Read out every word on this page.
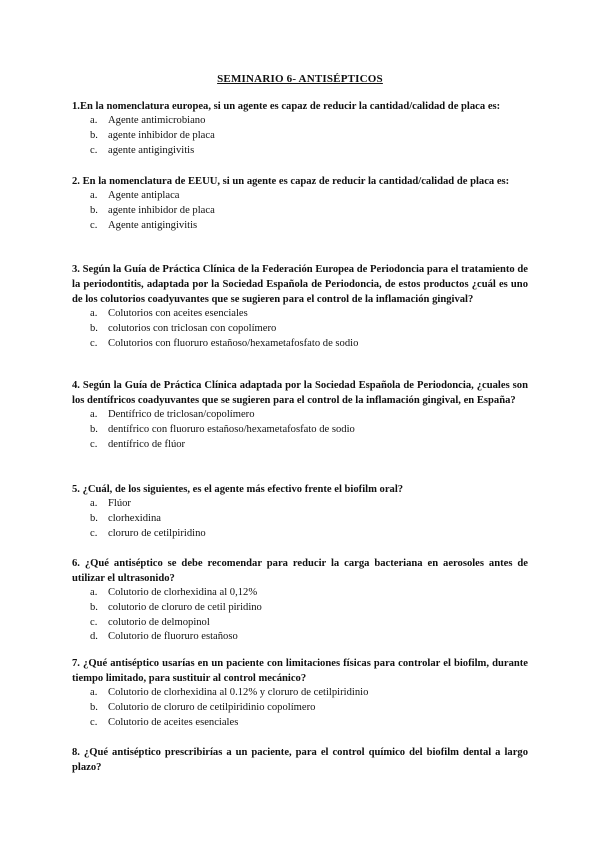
SEMINARIO 6- ANTISÉPTICOS

1.En la nomenclatura europea, si un agente es capaz de reducir la cantidad/calidad de placa es:

a.	Agente antimicrobiano
b. agente inhibidor de placa
c.	agente antigingivitis

2. En la nomenclatura de EEUU, si un agente es capaz de reducir la cantidad/calidad de placa es:

a.	Agente antiplaca
b. agente inhibidor de placa
c.	Agente antigingivitis

3. Según la Guía de Práctica Clínica de la Federación Europea de Periodoncia para el tratamiento de la periodontitis, adaptada por la Sociedad Española de Periodoncia, de estos productos ¿cuál es uno de los colutorios coadyuvantes que se sugieren para el control de la inflamación gingival?

a.	Colutorios con aceites esenciales
b. colutorios con triclosan con copolímero
c.	Colutorios con fluoruro estañoso/hexametafosfato de sodio

4. Según la Guía de Práctica Clínica adaptada por la Sociedad Española de Periodoncia, ¿cuales son los dentífricos coadyuvantes que se sugieren para el control de la inflamación gingival, en España?

a.	Dentífrico de triclosan/copolímero
b. dentífrico con fluoruro estañoso/hexametafosfato de sodio
c.	dentífrico de flúor

5. ¿Cuál, de los siguientes, es el agente más efectivo frente el biofilm oral?

a.	Flúor
b. clorhexidina
c.	cloruro de cetilpiridino

6. ¿Qué antiséptico se debe recomendar para reducir la carga bacteriana en aerosoles antes de utilizar el ultrasonido?

a.	Colutorio de clorhexidina al 0,12%
b. colutorio de cloruro de cetil piridino
c.	colutorio de delmopinol
d. Colutorio de fluoruro estañoso

7. ¿Qué antiséptico usarías en un paciente con limitaciones físicas para controlar el biofilm, durante tiempo limitado, para sustituir al control mecánico?

a.	Colutorio de clorhexidina al 0.12% y cloruro de cetilpiridinio
b. Colutorio de cloruro de cetilpiridinio copolímero
c.	Colutorio de aceites esenciales

8. ¿Qué antiséptico prescribirías a un paciente, para el control químico del biofilm dental a largo plazo?
